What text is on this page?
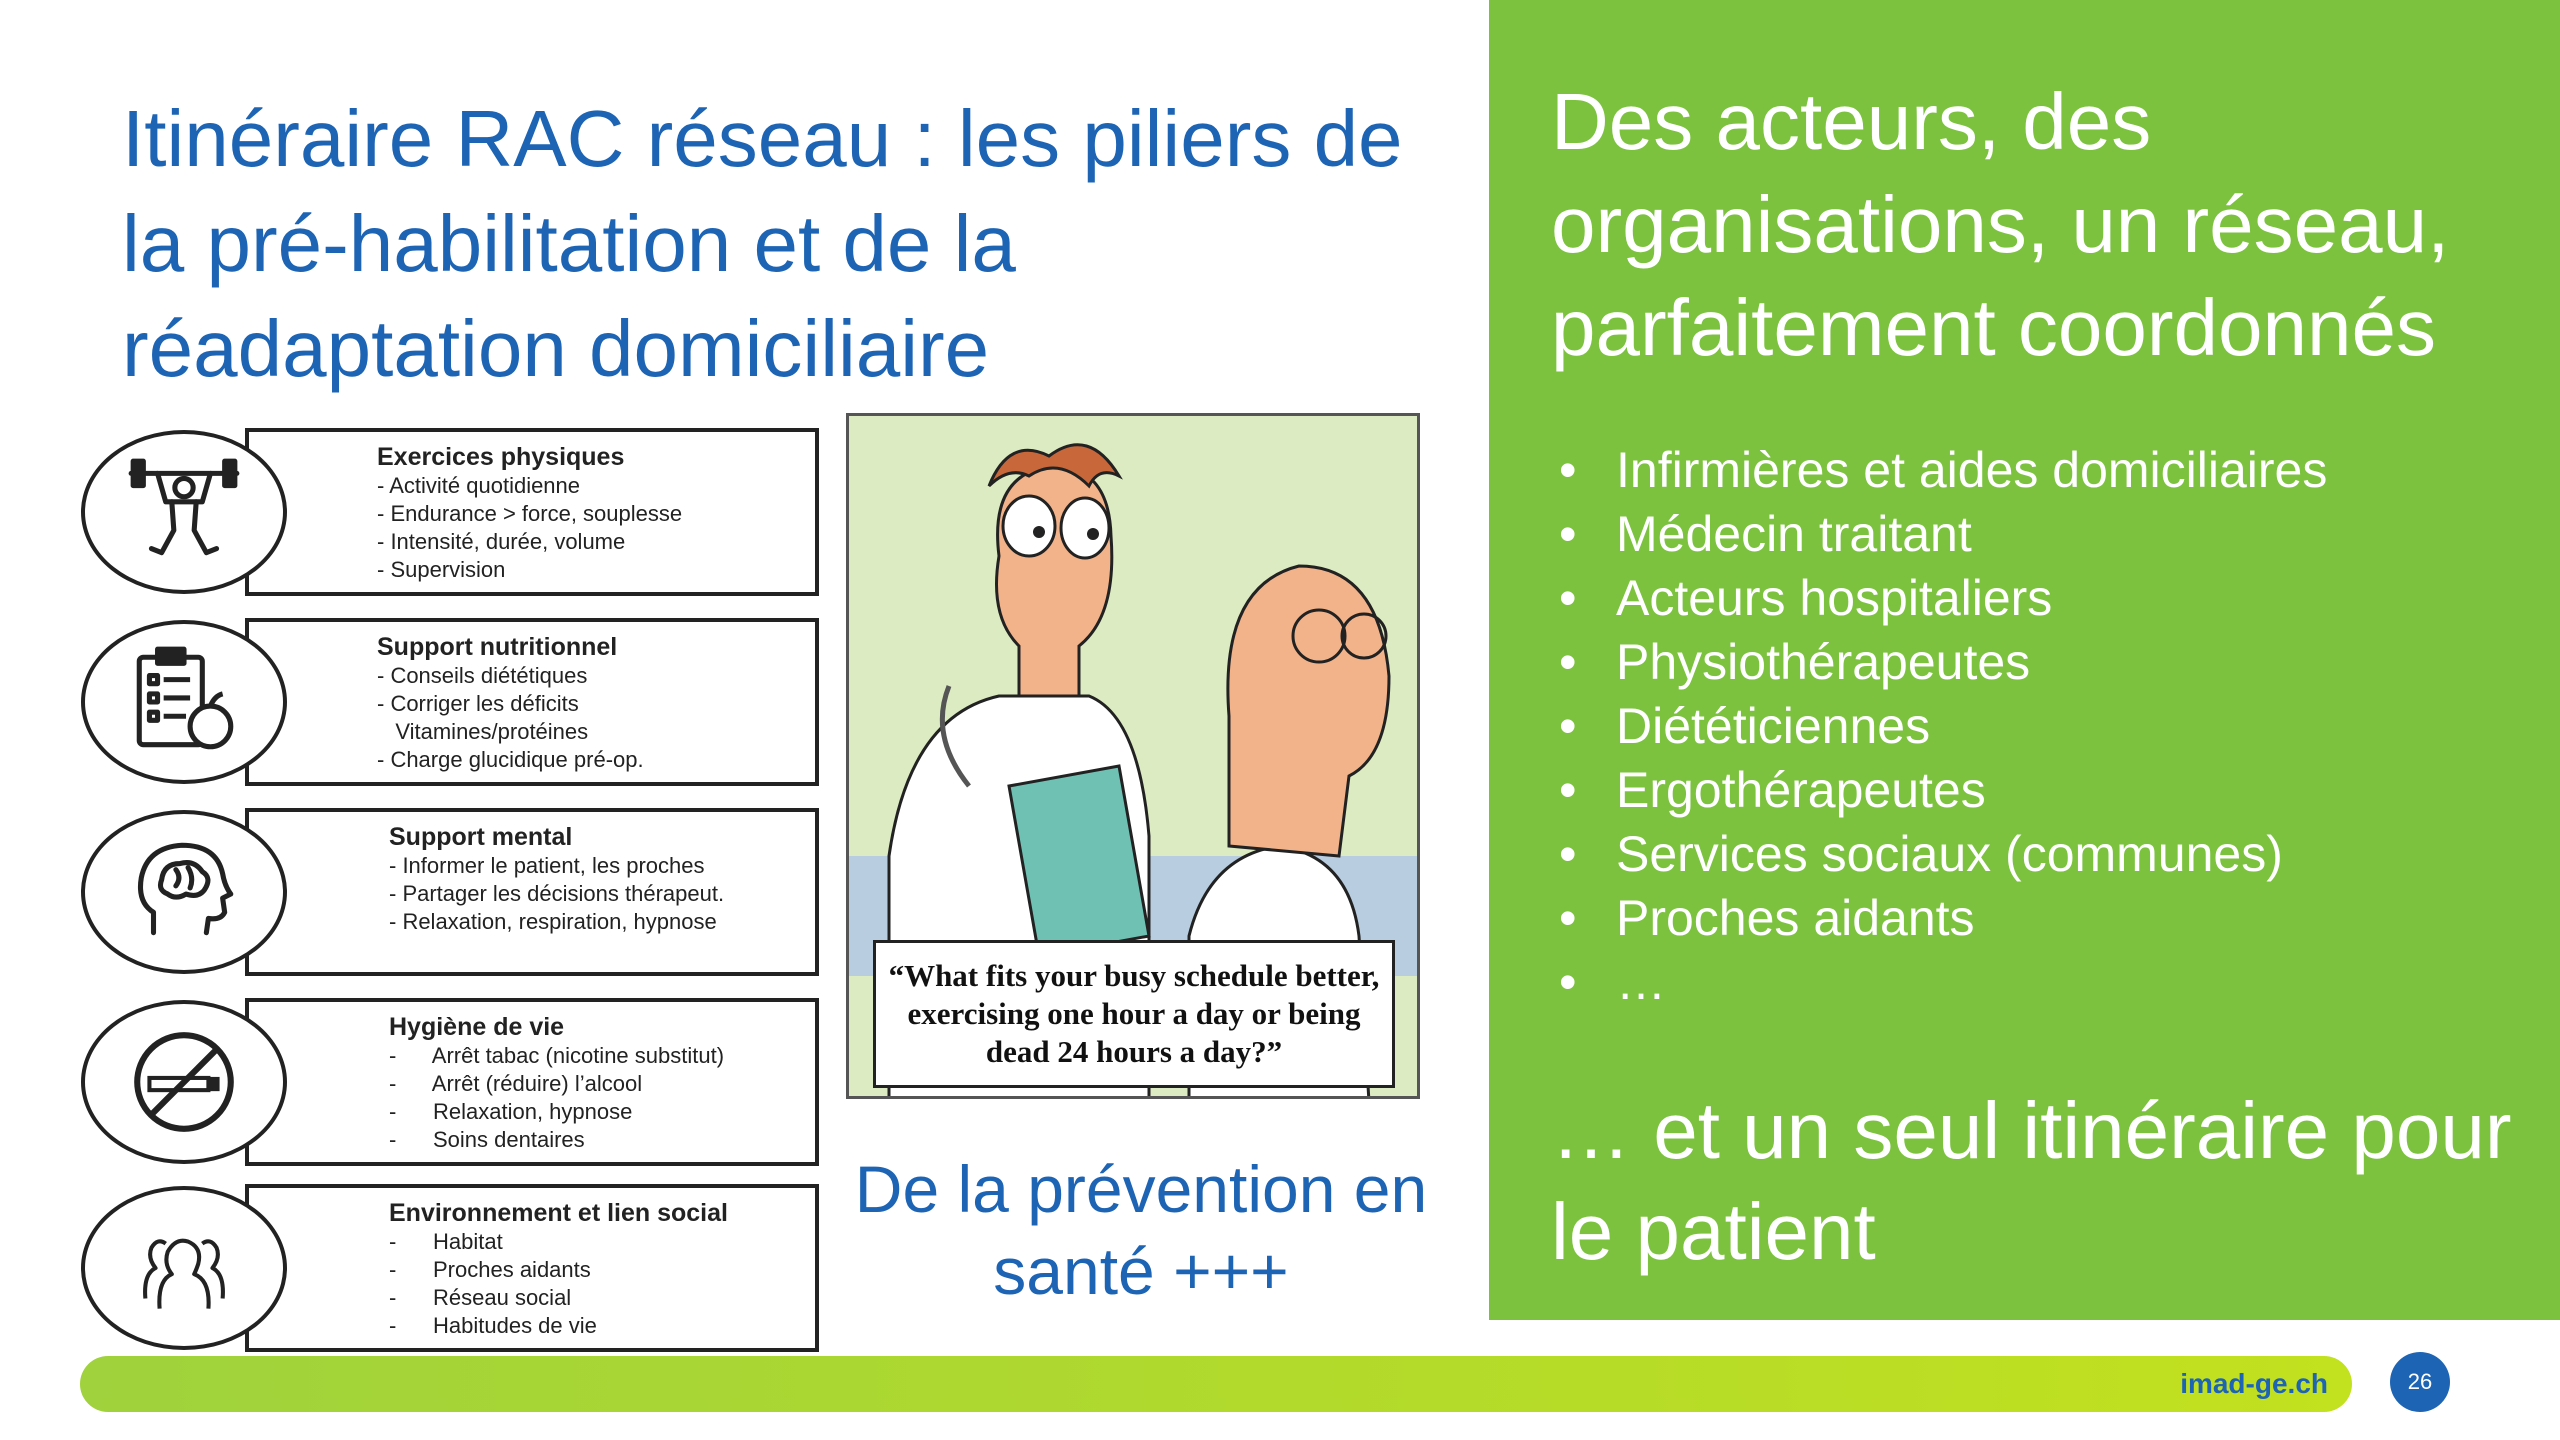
Itinéraire RAC réseau : les piliers de la pré-habilitation et de la réadaptation domiciliaire
Exercices physiques
- Activité quotidienne
- Endurance > force, souplesse
- Intensité, durée, volume
- Supervision
Support nutritionnel
- Conseils diététiques
- Corriger les déficits
Vitamines/protéines
- Charge glucidique pré-op.
Support mental
- Informer le patient, les proches
- Partager les décisions thérapeut.
- Relaxation, respiration, hypnose
Hygiène de vie
-      Arrêt tabac (nicotine substitut)
-      Arrêt (réduire) l’alcool
-      Relaxation, hypnose
-      Soins dentaires
Environnement et lien social
-      Habitat
-      Proches aidants
-      Réseau social
-      Habitudes de vie
“What fits your busy schedule better, exercising one hour a day or being dead 24 hours a day?”

De la prévention en santé +++

Des acteurs, des organisations, un réseau, parfaitement coordonnés
• Infirmières et aides domiciliaires
• Médecin traitant
• Acteurs hospitaliers
• Physiothérapeutes
• Diététiciennes
• Ergothérapeutes
• Services sociaux (communes)
• Proches aidants
• …

… et un seul itinéraire pour le patient

imad-ge.ch	26
